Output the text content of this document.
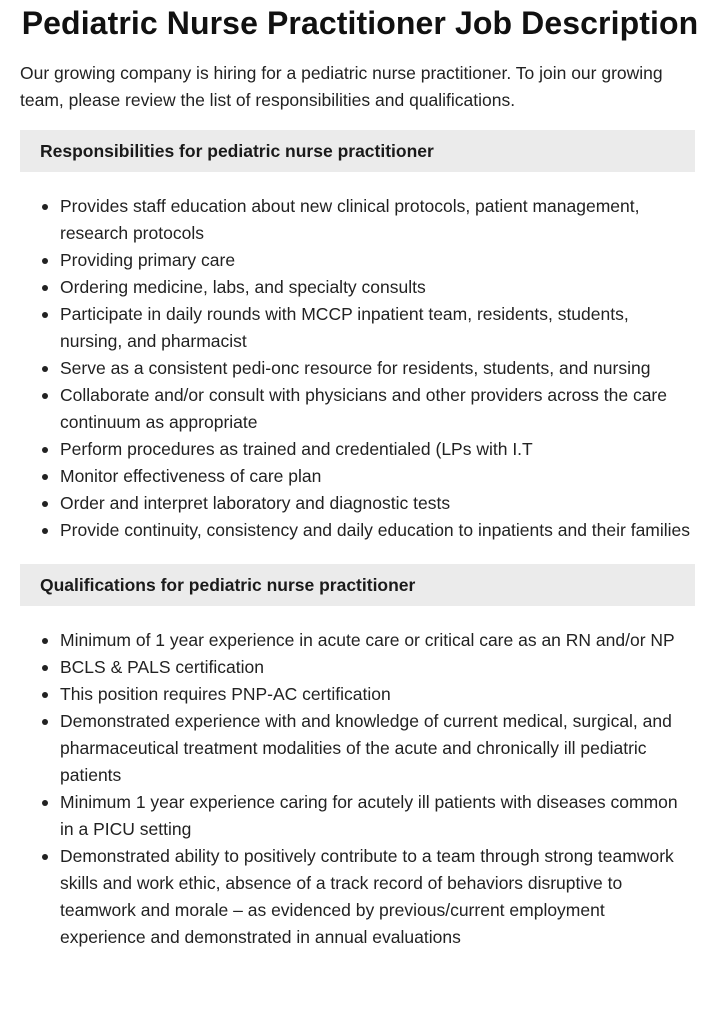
Pediatric Nurse Practitioner Job Description

Our growing company is hiring for a pediatric nurse practitioner. To join our growing team, please review the list of responsibilities and qualifications.

Responsibilities for pediatric nurse practitioner
Provides staff education about new clinical protocols, patient management, research protocols
Providing primary care
Ordering medicine, labs, and specialty consults
Participate in daily rounds with MCCP inpatient team, residents, students, nursing, and pharmacist
Serve as a consistent pedi-onc resource for residents, students, and nursing
Collaborate and/or consult with physicians and other providers across the care continuum as appropriate
Perform procedures as trained and credentialed (LPs with I.T
Monitor effectiveness of care plan
Order and interpret laboratory and diagnostic tests
Provide continuity, consistency and daily education to inpatients and their families
Qualifications for pediatric nurse practitioner
Minimum of 1 year experience in acute care or critical care as an RN and/or NP
BCLS & PALS certification
This position requires PNP-AC certification
Demonstrated experience with and knowledge of current medical, surgical, and pharmaceutical treatment modalities of the acute and chronically ill pediatric patients
Minimum 1 year experience caring for acutely ill patients with diseases common in a PICU setting
Demonstrated ability to positively contribute to a team through strong teamwork skills and work ethic, absence of a track record of behaviors disruptive to teamwork and morale – as evidenced by previous/current employment experience and demonstrated in annual evaluations
